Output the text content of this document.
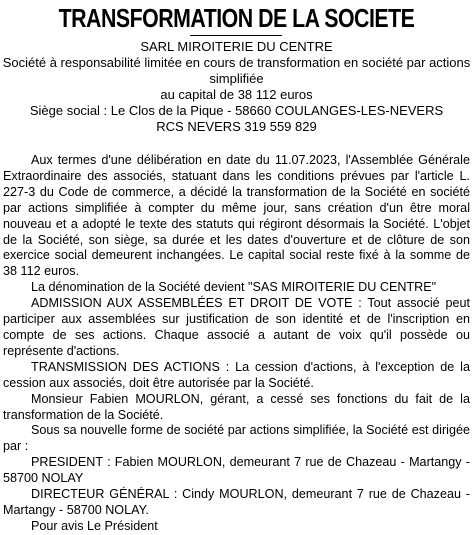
TRANSFORMATION DE LA SOCIETE
SARL MIROITERIE DU CENTRE
Société à responsabilité limitée en cours de transformation en société par actions
simplifiée
au capital de 38 112 euros
Siège social : Le Clos de la Pique - 58660 COULANGES-LES-NEVERS
RCS NEVERS 319 559 829

Aux termes d'une délibération en date du 11.07.2023, l'Assemblée Générale Extraordinaire des associés, statuant dans les conditions prévues par l'article L. 227-3 du Code de commerce, a décidé la transformation de la Société en société par actions simplifiée à compter du même jour, sans création d'un être moral nouveau et a adopté le texte des statuts qui régiront désormais la Société. L'objet de la Société, son siège, sa durée et les dates d'ouverture et de clôture de son exercice social demeurent inchangées. Le capital social reste fixé à la somme de 38 112 euros.

La dénomination de la Société devient "SAS MIROITERIE DU CENTRE"

ADMISSION AUX ASSEMBLÉES ET DROIT DE VOTE : Tout associé peut participer aux assemblées sur justification de son identité et de l'inscription en compte de ses actions. Chaque associé a autant de voix qu'il possède ou représente d'actions.

TRANSMISSION DES ACTIONS : La cession d'actions, à l'exception de la cession aux associés, doit être autorisée par la Société.

Monsieur Fabien MOURLON, gérant, a cessé ses fonctions du fait de la transformation de la Société.

Sous sa nouvelle forme de société par actions simplifiée, la Société est dirigée par :

PRESIDENT : Fabien MOURLON, demeurant 7 rue de Chazeau - Martangy - 58700 NOLAY

DIRECTEUR GÉNÉRAL : Cindy MOURLON, demeurant 7 rue de Chazeau - Martangy - 58700 NOLAY.

Pour avis Le Président
